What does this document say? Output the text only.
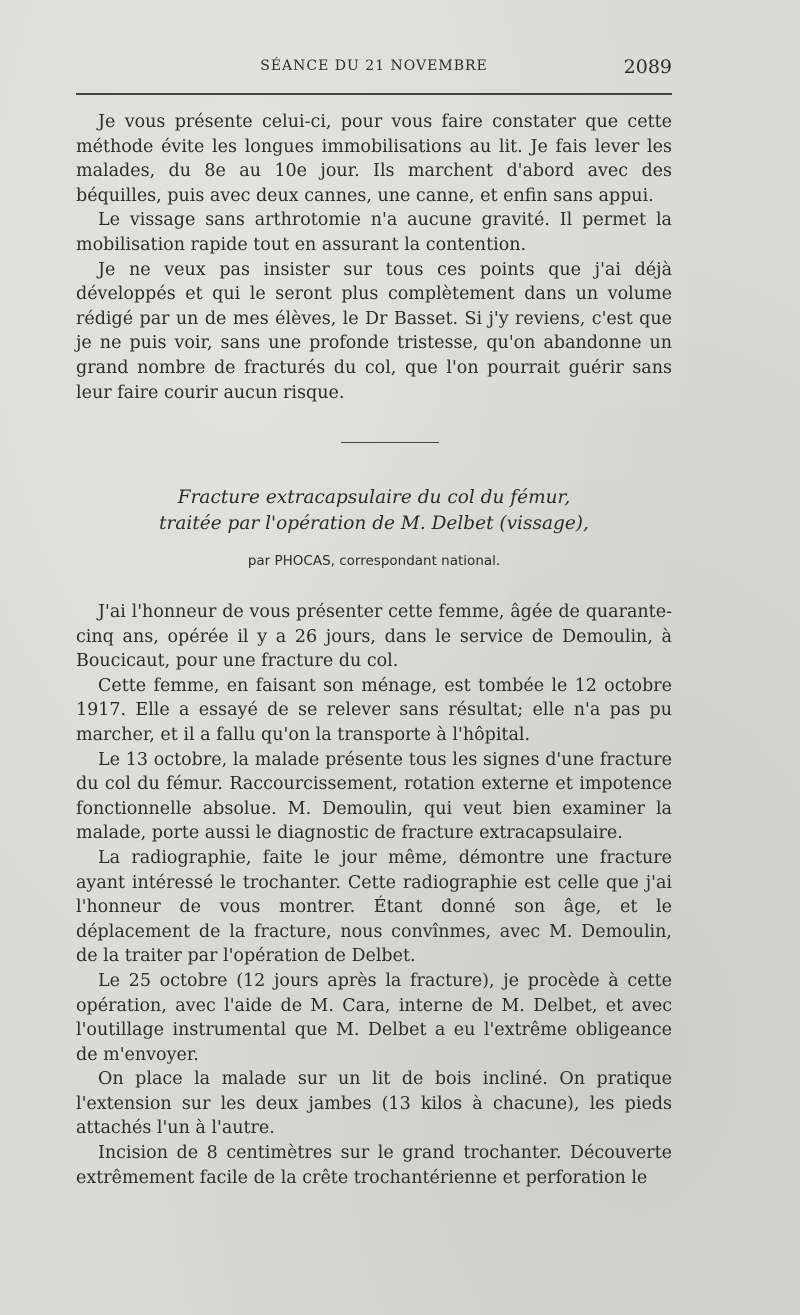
SÉANCE DU 21 NOVEMBRE	2089

Je vous présente celui-ci, pour vous faire constater que cette méthode évite les longues immobilisations au lit. Je fais lever les malades, du 8e au 10e jour. Ils marchent d'abord avec des béquilles, puis avec deux cannes, une canne, et enfin sans appui.

Le vissage sans arthrotomie n'a aucune gravité. Il permet la mobilisation rapide tout en assurant la contention.

Je ne veux pas insister sur tous ces points que j'ai déjà développés et qui le seront plus complètement dans un volume rédigé par un de mes élèves, le Dr Basset. Si j'y reviens, c'est que je ne puis voir, sans une profonde tristesse, qu'on abandonne un grand nombre de fracturés du col, que l'on pourrait guérir sans leur faire courir aucun risque.

Fracture extracapsulaire du col du fémur,
traitée par l'opération de M. Delbet (vissage),
par PHOCAS, correspondant national.

J'ai l'honneur de vous présenter cette femme, âgée de quarante-cinq ans, opérée il y a 26 jours, dans le service de Demoulin, à Boucicaut, pour une fracture du col.

Cette femme, en faisant son ménage, est tombée le 12 octobre 1917. Elle a essayé de se relever sans résultat; elle n'a pas pu marcher, et il a fallu qu'on la transporte à l'hôpital.

Le 13 octobre, la malade présente tous les signes d'une fracture du col du fémur. Raccourcissement, rotation externe et impotence fonctionnelle absolue. M. Demoulin, qui veut bien examiner la malade, porte aussi le diagnostic de fracture extracapsulaire.

La radiographie, faite le jour même, démontre une fracture ayant intéressé le trochanter. Cette radiographie est celle que j'ai l'honneur de vous montrer. Étant donné son âge, et le déplacement de la fracture, nous convînmes, avec M. Demoulin, de la traiter par l'opération de Delbet.

Le 25 octobre (12 jours après la fracture), je procède à cette opération, avec l'aide de M. Cara, interne de M. Delbet, et avec l'outillage instrumental que M. Delbet a eu l'extrême obligeance de m'envoyer.

On place la malade sur un lit de bois incliné. On pratique l'extension sur les deux jambes (13 kilos à chacune), les pieds attachés l'un à l'autre.

Incision de 8 centimètres sur le grand trochanter. Découverte extrêmement facile de la crête trochantérienne et perforation le
